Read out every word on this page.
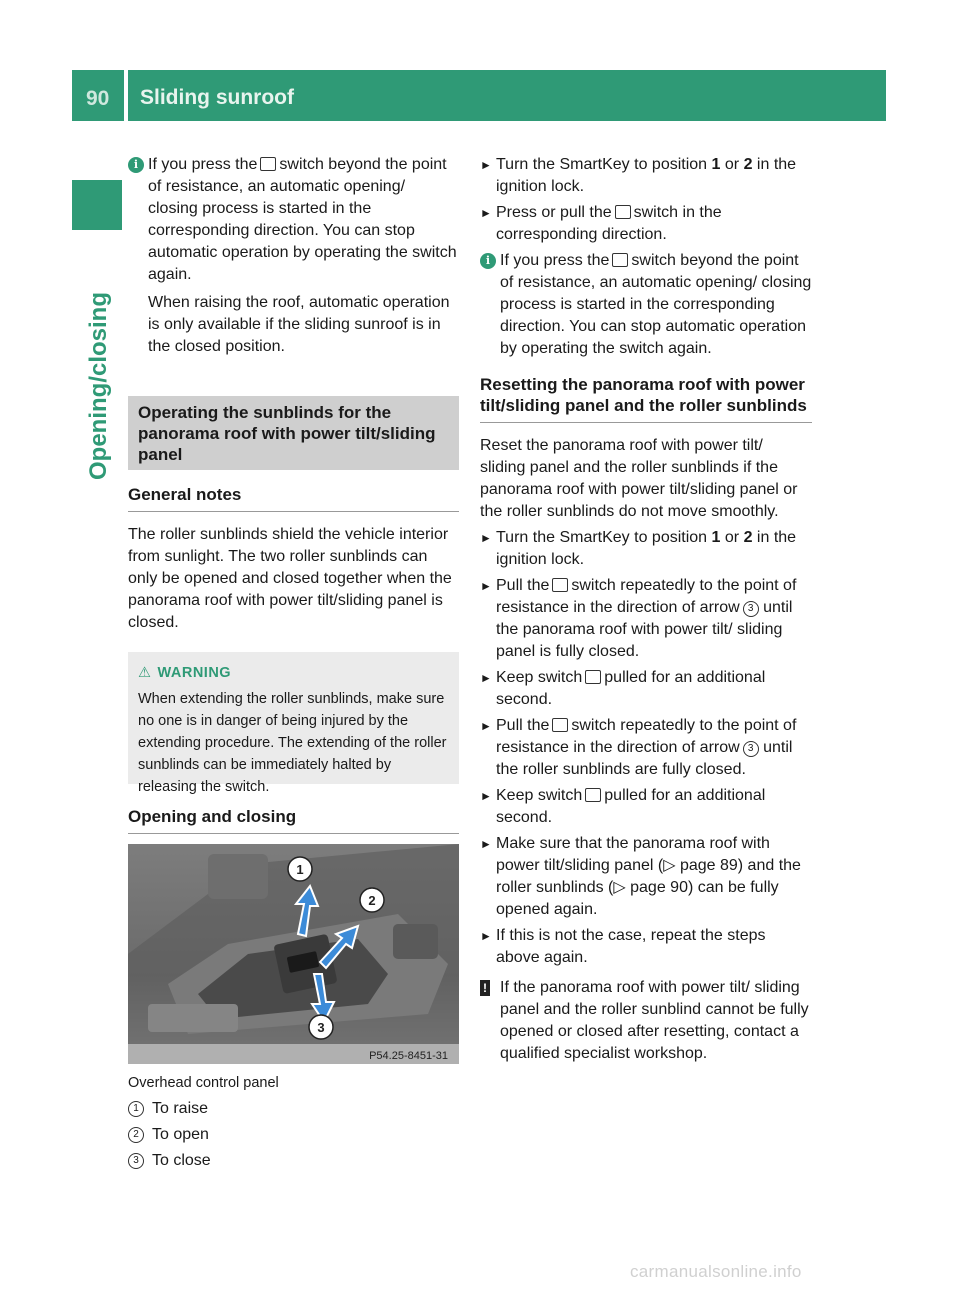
90	Sliding sunroof
Opening/closing
i If you press the switch beyond the point of resistance, an automatic opening/ closing process is started in the corresponding direction. You can stop automatic operation by operating the switch again.

When raising the roof, automatic operation is only available if the sliding sunroof is in the closed position.

Operating the sunblinds for the panorama roof with power tilt/sliding panel
General notes

The roller sunblinds shield the vehicle interior from sunlight. The two roller sunblinds can only be opened and closed together when the panorama roof with power tilt/sliding panel is closed.

⚠ WARNING

When extending the roller sunblinds, make sure no one is in danger of being injured by the extending procedure. The extending of the roller sunblinds can be immediately halted by releasing the switch.

Opening and closing
1
2
3
P54.25-8451-31

Overhead control panel

1 To raise
2 To open
3 To close
► Turn the SmartKey to position 1 or 2 in the ignition lock.
► Press or pull the switch in the corresponding direction.
i If you press the switch beyond the point of resistance, an automatic opening/ closing process is started in the corresponding direction. You can stop automatic operation by operating the switch again.

Resetting the panorama roof with power tilt/sliding panel and the roller sunblinds

Reset the panorama roof with power tilt/ sliding panel and the roller sunblinds if the panorama roof with power tilt/sliding panel or the roller sunblinds do not move smoothly.

► Turn the SmartKey to position 1 or 2 in the ignition lock.
► Pull the switch repeatedly to the point of resistance in the direction of arrow 3 until the panorama roof with power tilt/ sliding panel is fully closed.
► Keep switch pulled for an additional second.
► Pull the switch repeatedly to the point of resistance in the direction of arrow 3 until the roller sunblinds are fully closed.
► Keep switch pulled for an additional second.
► Make sure that the panorama roof with power tilt/sliding panel (▷ page 89) and the roller sunblinds (▷ page 90) can be fully opened again.
► If this is not the case, repeat the steps above again.
! If the panorama roof with power tilt/ sliding panel and the roller sunblind cannot be fully opened or closed after resetting, contact a qualified specialist workshop.

carmanualsonline.info
